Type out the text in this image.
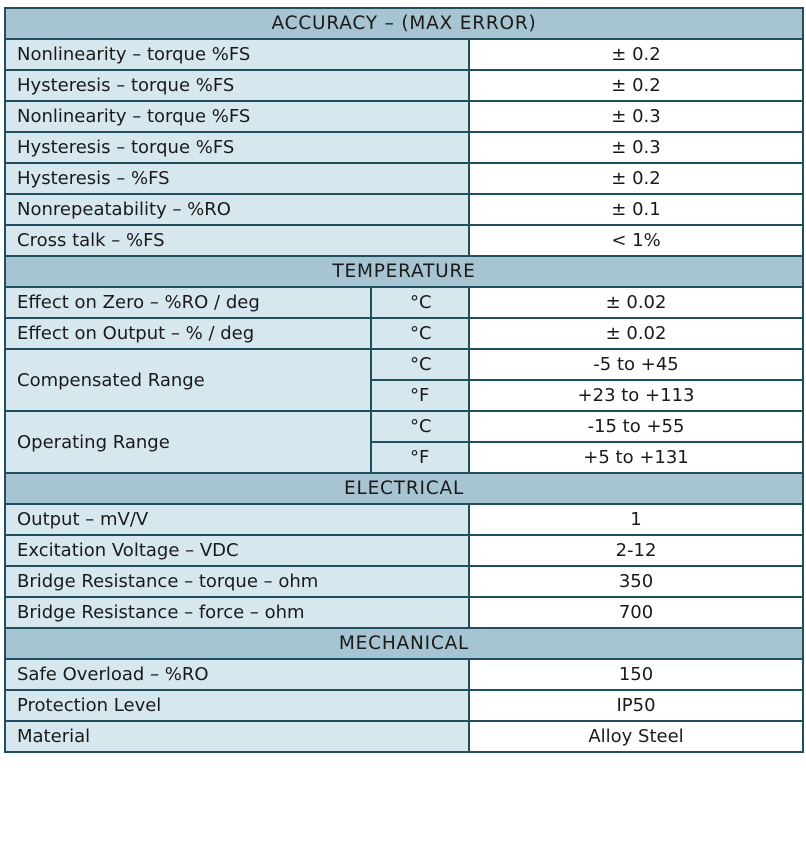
ACCURACY – (MAX ERROR)		
Nonlinearity – torque %FS		± 0.2
Hysteresis – torque %FS		± 0.2
Nonlinearity – torque %FS		± 0.3
Hysteresis – torque %FS		± 0.3
Hysteresis – %FS		± 0.2
Nonrepeatability – %RO		± 0.1
Cross talk – %FS		< 1%
TEMPERATURE		
Effect on Zero – %RO / deg	°C	± 0.02
Effect on Output – % / deg	°C	± 0.02
Compensated Range	°C	-5 to +45
	°F	+23 to +113
Operating Range	°C	-15 to +55
	°F	+5 to +131
ELECTRICAL		
Output – mV/V		1
Excitation Voltage – VDC		2-12
Bridge Resistance – torque – ohm		350
Bridge Resistance – force – ohm		700
MECHANICAL		
Safe Overload – %RO		150
Protection Level		IP50
Material		Alloy Steel
